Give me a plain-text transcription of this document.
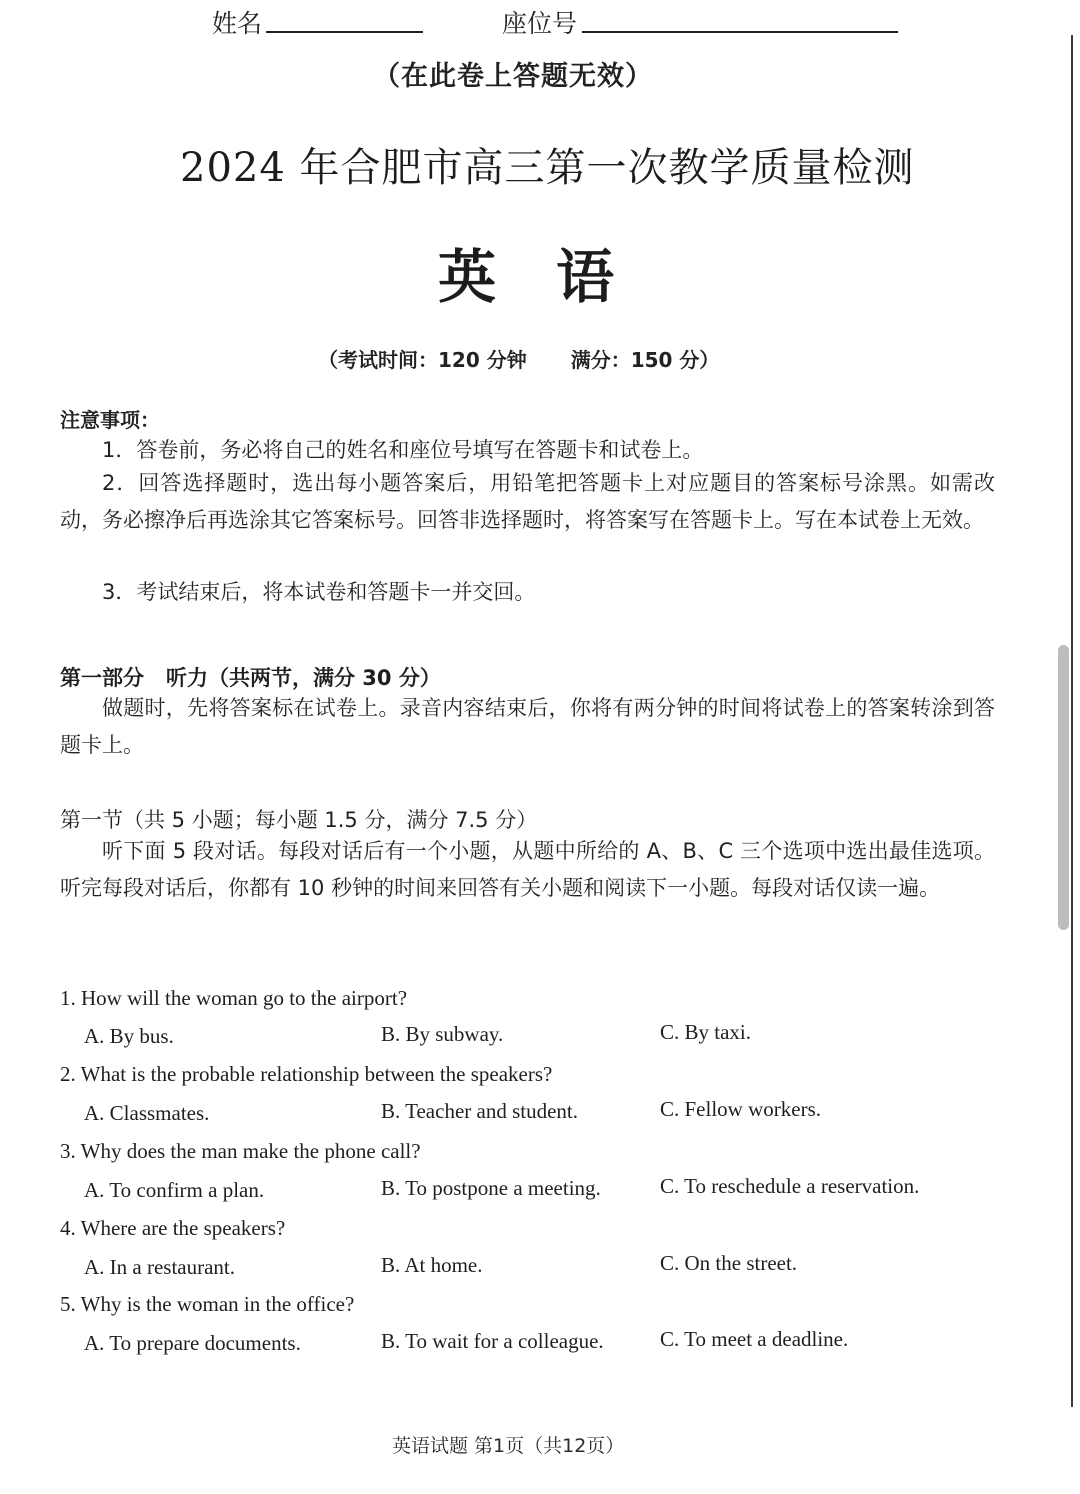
姓名	座位号
（在此卷上答题无效）
2024 年合肥市高三第一次教学质量检测
英语
（考试时间：120 分钟 满分：150 分）
注意事项：
1．答卷前，务必将自己的姓名和座位号填写在答题卡和试卷上。
2．回答选择题时，选出每小题答案后，用铅笔把答题卡上对应题目的答案标号涂黑。如需改动，务必擦净后再选涂其它答案标号。回答非选择题时，将答案写在答题卡上。写在本试卷上无效。
3．考试结束后，将本试卷和答题卡一并交回。
第一部分 听力（共两节，满分 30 分）
做题时，先将答案标在试卷上。录音内容结束后，你将有两分钟的时间将试卷上的答案转涂到答题卡上。
第一节（共 5 小题；每小题 1.5 分，满分 7.5 分）
听下面 5 段对话。每段对话后有一个小题，从题中所给的 A、B、C 三个选项中选出最佳选项。听完每段对话后，你都有 10 秒钟的时间来回答有关小题和阅读下一小题。每段对话仅读一遍。
1. How will the woman go to the airport?
A. By bus.	B. By subway.	C. By taxi.
2. What is the probable relationship between the speakers?
A. Classmates.	B. Teacher and student.	C. Fellow workers.
3. Why does the man make the phone call?
A. To confirm a plan.	B. To postpone a meeting.	C. To reschedule a reservation.
4. Where are the speakers?
A. In a restaurant.	B. At home.	C. On the street.
5. Why is the woman in the office?
A. To prepare documents.	B. To wait for a colleague.	C. To meet a deadline.
英语试题 第1页（共12页）
